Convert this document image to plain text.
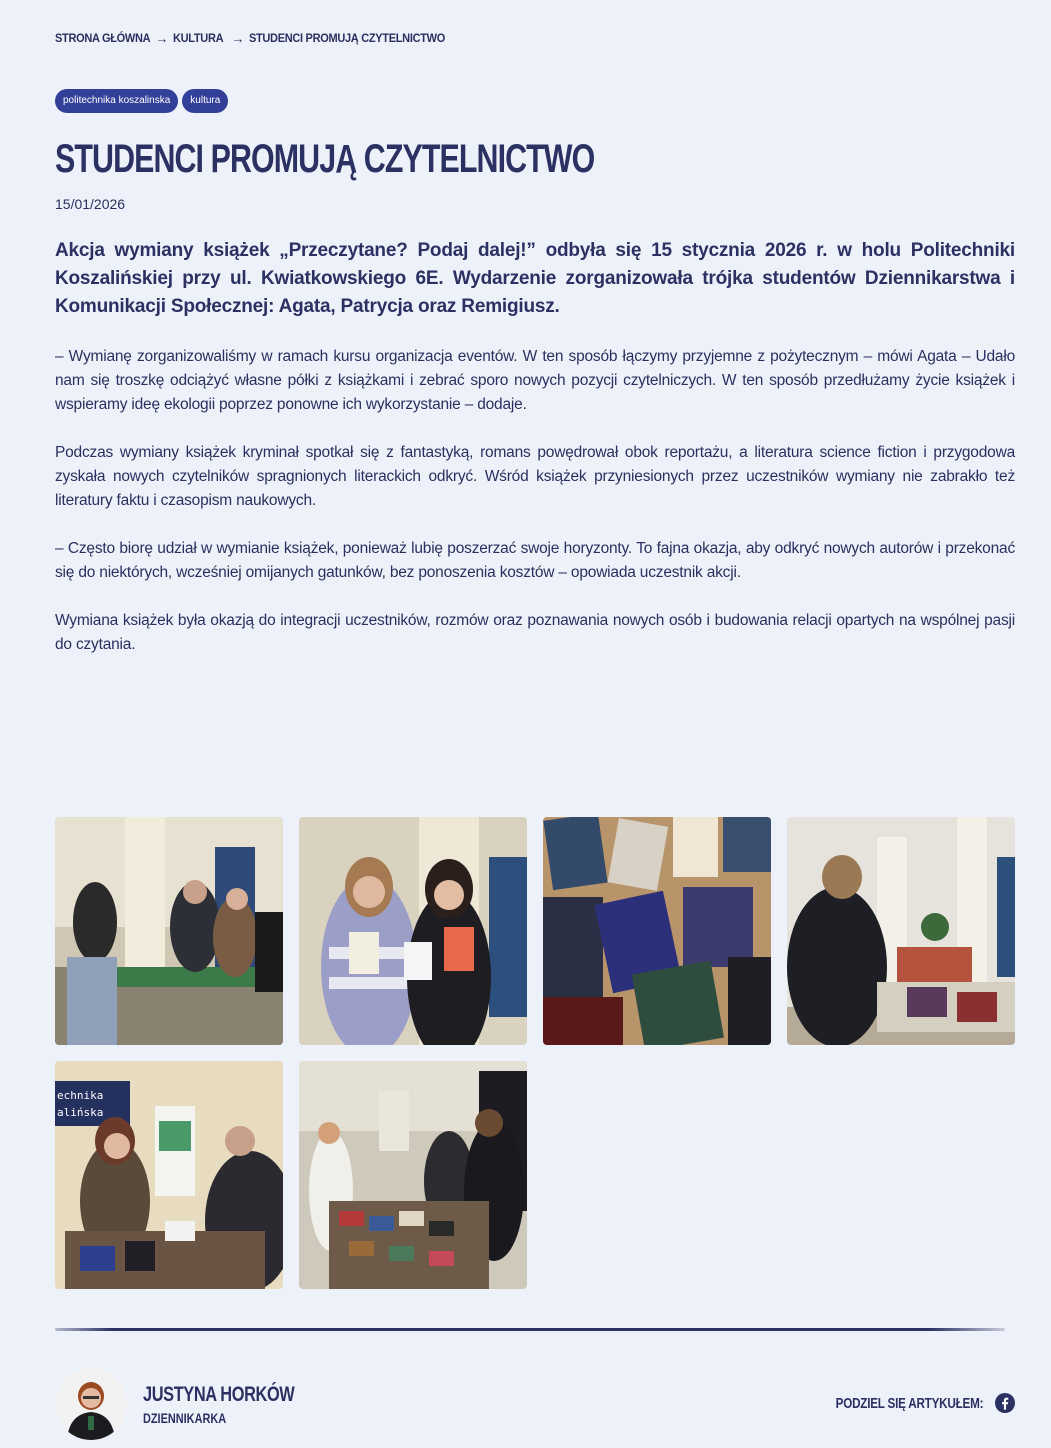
STRONA GŁÓWNA → KULTURA → STUDENCI PROMUJĄ CZYTELNICTWO
politechnika koszalinska	kultura
STUDENCI PROMUJĄ CZYTELNICTWO
15/01/2026

Akcja wymiany książek „Przeczytane? Podaj dalej!” odbyła się 15 stycznia 2026 r. w holu Politechniki Koszalińskiej przy ul. Kwiatkowskiego 6E. Wydarzenie zorganizowała trójka studentów Dziennikarstwa i Komunikacji Społecznej: Agata, Patrycja oraz Remigiusz.

– Wymianę zorganizowaliśmy w ramach kursu organizacja eventów. W ten sposób łączymy przyjemne z pożytecznym – mówi Agata – Udało nam się troszkę odciążyć własne półki z książkami i zebrać sporo nowych pozycji czytelniczych. W ten sposób przedłużamy życie książek i wspieramy ideę ekologii poprzez ponowne ich wykorzystanie – dodaje.

Podczas wymiany książek kryminał spotkał się z fantastyką, romans powędrował obok reportażu, a literatura science fiction i przygodowa zyskała nowych czytelników spragnionych literackich odkryć. Wśród książek przyniesionych przez uczestników wymiany nie zabrakło też literatury faktu i czasopism naukowych.

– Często biorę udział w wymianie książek, ponieważ lubię poszerzać swoje horyzonty. To fajna okazja, aby odkryć nowych autorów i przekonać się do niektórych, wcześniej omijanych gatunków, bez ponoszenia kosztów – opowiada uczestnik akcji.

Wymiana książek była okazją do integracji uczestników, rozmów oraz poznawania nowych osób i budowania relacji opartych na wspólnej pasji do czytania.

echnika
alińska
JUSTYNA HORKÓW
DZIENNIKARKA
PODZIEL SIĘ ARTYKUŁEM:
